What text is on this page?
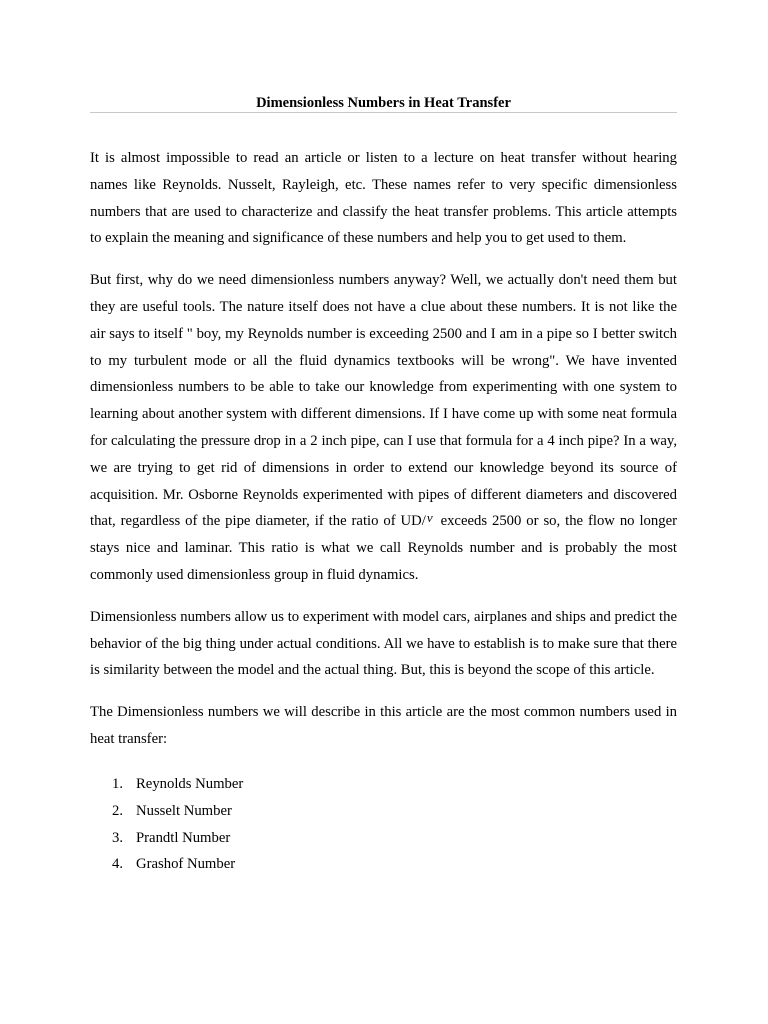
Dimensionless Numbers in Heat Transfer

It is almost impossible to read an article or listen to a lecture on heat transfer without hearing names like Reynolds. Nusselt, Rayleigh, etc. These names refer to very specific dimensionless numbers that are used to characterize and classify the heat transfer problems. This article attempts to explain the meaning and significance of these numbers and help you to get used to them.

But first, why do we need dimensionless numbers anyway? Well, we actually don't need them but they are useful tools. The nature itself does not have a clue about these numbers. It is not like the air says to itself " boy, my Reynolds number is exceeding 2500 and I am in a pipe so I better switch to my turbulent mode or all the fluid dynamics textbooks will be wrong". We have invented dimensionless numbers to be able to take our knowledge from experimenting with one system to learning about another system with different dimensions. If I have come up with some neat formula for calculating the pressure drop in a 2 inch pipe, can I use that formula for a 4 inch pipe? In a way, we are trying to get rid of dimensions in order to extend our knowledge beyond its source of acquisition. Mr. Osborne Reynolds experimented with pipes of different diameters and discovered that, regardless of the pipe diameter, if the ratio of UD/ν exceeds 2500 or so, the flow no longer stays nice and laminar. This ratio is what we call Reynolds number and is probably the most commonly used dimensionless group in fluid dynamics.

Dimensionless numbers allow us to experiment with model cars, airplanes and ships and predict the behavior of the big thing under actual conditions. All we have to establish is to make sure that there is similarity between the model and the actual thing. But, this is beyond the scope of this article.

The Dimensionless numbers we will describe in this article are the most common numbers used in heat transfer:

1. Reynolds Number
2. Nusselt Number
3. Prandtl Number
4. Grashof Number
